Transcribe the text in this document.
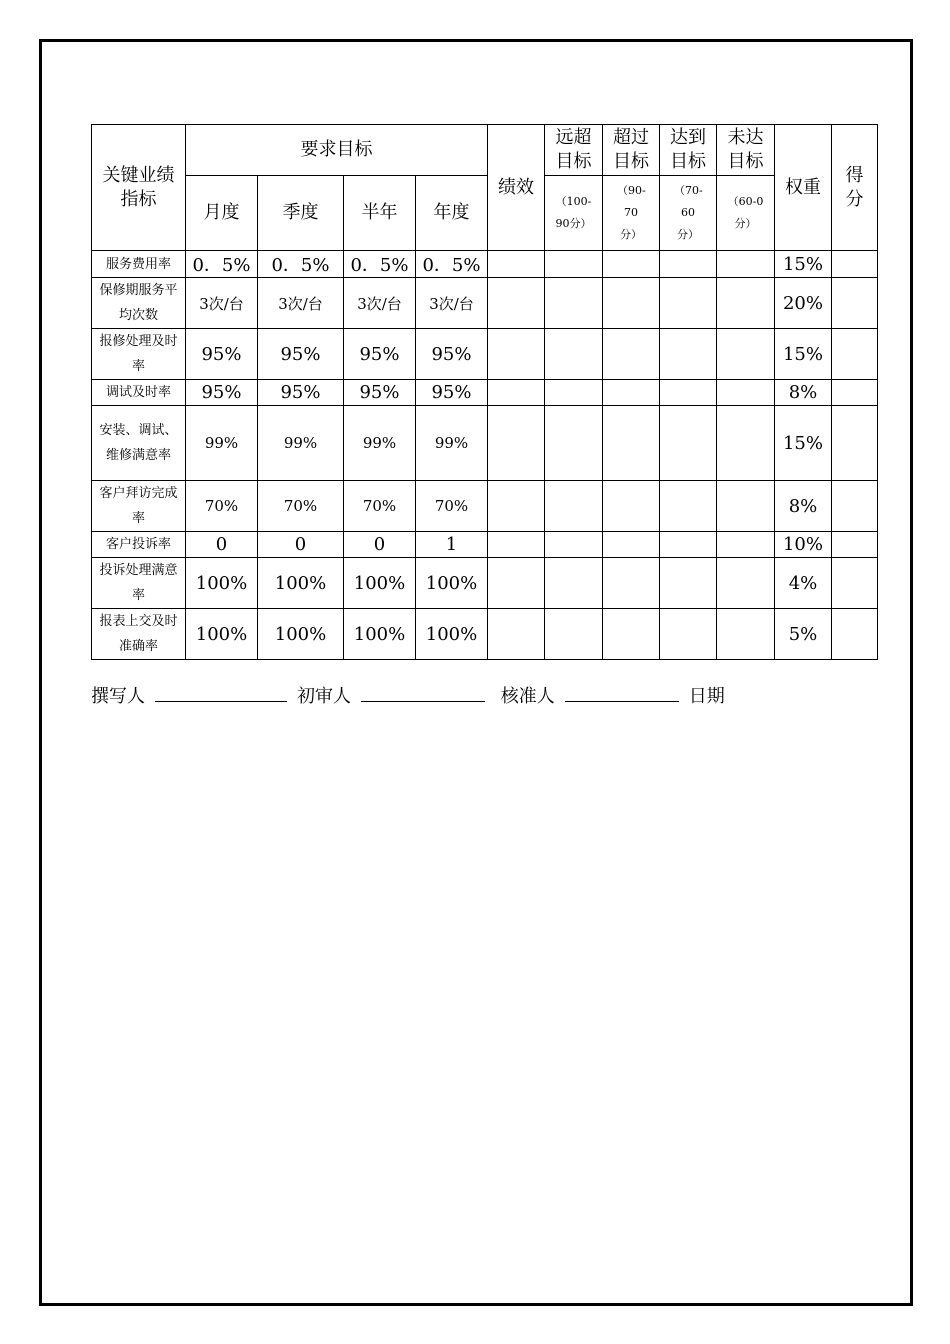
关键业绩指标	要求目标				绩效	远超目标	超过目标	达到目标	未达目标	权重	得分
	月度	季度	半年	年度		（100-90分）	（90-70分）	（70-60分）	（60-0分）		

服务费用率	0．5%	0．5%	0．5%	0．5%						15%	
保修期服务平均次数	3次/台	3次/台	3次/台	3次/台						20%	
报修处理及时率	95%	95%	95%	95%						15%	
调试及时率	95%	95%	95%	95%						8%	
安装、调试、维修满意率	99%	99%	99%	99%						15%	
客户拜访完成率	70%	70%	70%	70%						8%	
客户投诉率	0	0	0	1						10%	
投诉处理满意率	100%	100%	100%	100%						4%	
报表上交及时准确率	100%	100%	100%	100%						5%	
撰写人	初审人	核准人	日期
